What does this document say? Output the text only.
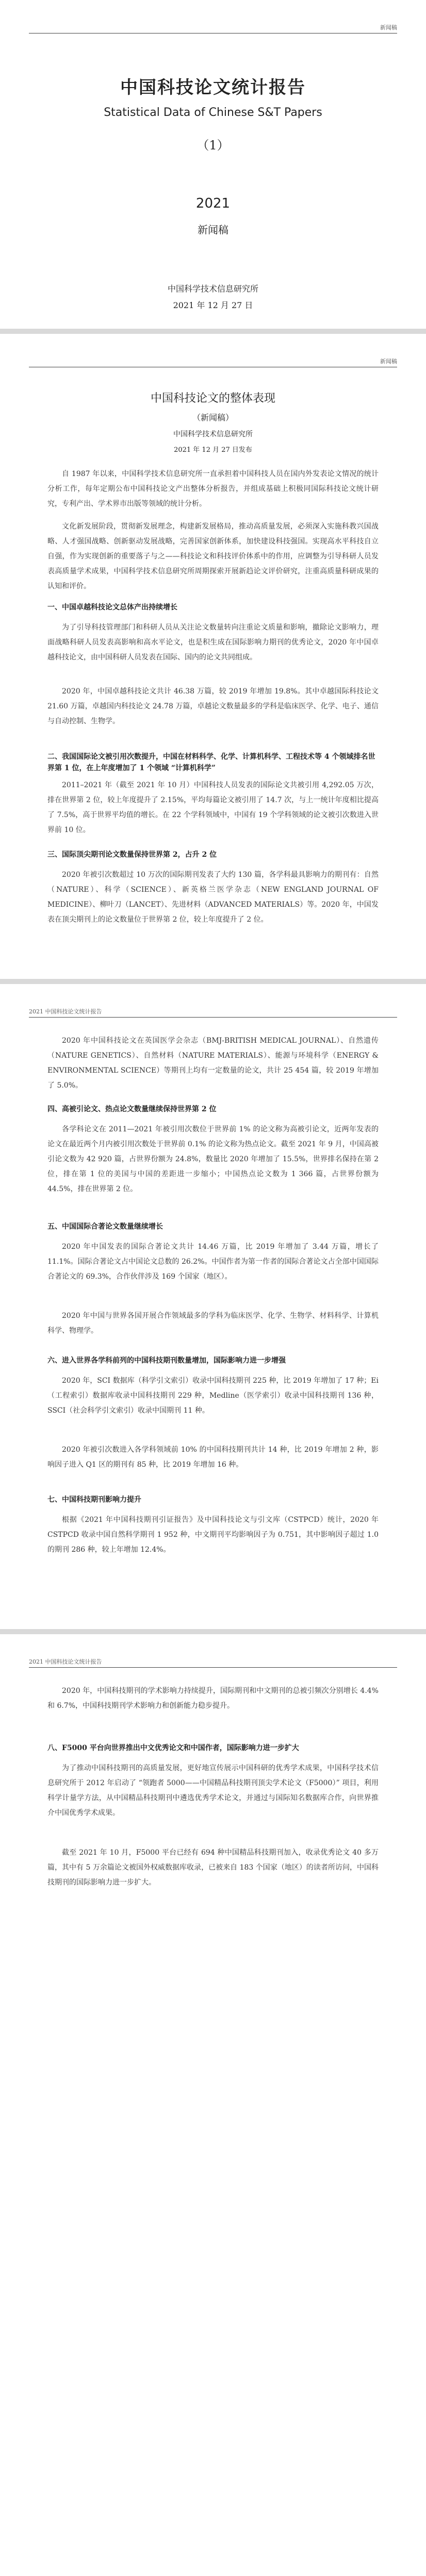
新闻稿
中国科技论文统计报告
Statistical Data of Chinese S&T Papers
（1）
2021
新闻稿
中国科学技术信息研究所
2021 年 12 月 27 日
新闻稿
中国科技论文的整体表现
（新闻稿）
中国科学技术信息研究所
2021 年 12 月 27 日发布
自 1987 年以来，中国科学技术信息研究所一直承担着中国科技人员在国内外发表论文情况的统计分析工作，每年定期公布中国科技论文产出整体分析报告，并组成基础上积极同国际科技论文统计研究，专利产出、学术界市出版等领域的统计分析。
文化新发展阶段，贯彻新发展理念，构建新发展格局，推动高质量发展，必须深入实施科教兴国战略、人才强国战略、创新驱动发展战略，完善国家创新体系，加快建设科技强国。实现高水平科技自立自强，作为实现创新的重要落子与之——科技论文和科技评价体系中的作用，应调整为引导科研人员发表高质量学术成果，中国科学技术信息研究所周期探索开展新趋论文评价研究，注重高质量科研成果的认知和评价。
一、中国卓越科技论文总体产出持续增长
为了引导科技管理部门和科研人员从关注论文数量转向注重论文质量和影响，撤除论文影响力，理面战略科研人员发表高影响和高水平论文，也是积生成在国际影响力期刊的优秀论文，2020 年中国卓越科技论文，由中国科研人员发表在国际、国内的论文共同组成。
2020 年，中国卓越科技论文共计 46.38 万篇，较 2019 年增加 19.8%。其中卓越国际科技论文 21.60 万篇，卓越国内科技论文 24.78 万篇，卓越论文数量最多的学科是临床医学、化学、电子、通信与自动控制、生物学。
二、我国国际论文被引用次数提升，中国在材料科学、化学、计算机科学、工程技术等 4 个领域排名世界第 1 位，在上年度增加了 1 个领域 “计算机科学”
2011–2021 年（截至 2021 年 10 月）中国科技人员发表的国际论文共被引用 4,292.05 万次，排在世界第 2 位，较上年度提升了 2.15%，平均每篇论文被引用了 14.7 次，与上一统计年度相比提高了 7.5%，高于世界平均值的增长。在 22 个学科领域中，中国有 19 个学科领域的论文被引次数进入世界前 10 位。
三、国际顶尖期刊论文数量保持世界第 2，占升 2 位
2020 年被引次数超过 10 万次的国际期刊发表了大约 130 篇，各学科最具影响力的期刊有：自然（NATURE）、科学（SCIENCE）、新英格兰医学杂志（NEW ENGLAND JOURNAL OF MEDICINE）、柳叶刀（LANCET）、先进材料（ADVANCED MATERIALS）等。2020 年，中国发表在顶尖期刊上的论文数量位于世界第 2 位，较上年度提升了 2 位。
2021 中国科技论文统计报告
2020 年中国科技论文在英国医学会杂志（BMJ-BRITISH MEDICAL JOURNAL）、自然遗传（NATURE GENETICS）、自然材料（NATURE MATERIALS）、能源与环境科学（ENERGY & ENVIRONMENTAL SCIENCE）等期刊上均有一定数量的论文，共计 25 454 篇，较 2019 年增加了 5.0%。
四、高被引论文、热点论文数量继续保持世界第 2 位
各学科论文在 2011—2021 年被引用次数位于世界前 1% 的论文称为高被引论文，近两年发表的论文在最近两个月内被引用次数处于世界前 0.1% 的论文称为热点论文。截至 2021 年 9 月，中国高被引论文数为 42 920 篇，占世界份额为 24.8%，数量比 2020 年增加了 15.5%，世界排名保持在第 2 位，排在第 1 位的美国与中国的差距进一步缩小；中国热点论文数为 1 366 篇，占世界份额为 44.5%，排在世界第 2 位。
五、中国国际合著论文数量继续增长
2020 年中国发表的国际合著论文共计 14.46 万篇，比 2019 年增加了 3.44 万篇，增长了 11.1%。国际合著论文占中国论文总数的 26.2%。中国作者为第一作者的国际合著论文占全部中国国际合著论文的 69.3%，合作伙伴涉及 169 个国家（地区）。
2020 年中国与世界各国开展合作领域最多的学科为临床医学、化学、生物学、材料科学、计算机科学、物理学。
六、进入世界各学科前列的中国科技期刊数量增加，国际影响力进一步增强
2020 年，SCI 数据库（科学引文索引）收录中国科技期刊 225 种，比 2019 年增加了 17 种；Ei（工程索引）数据库收录中国科技期刊 229 种，Medline（医学索引）收录中国科技期刊 136 种，SSCI（社会科学引文索引）收录中国期刊 11 种。
2020 年被引次数进入各学科领域前 10% 的中国科技期刊共计 14 种，比 2019 年增加 2 种，影响因子进入 Q1 区的期刊有 85 种，比 2019 年增加 16 种。
七、中国科技期刊影响力提升
根据《2021 年中国科技期刊引证报告》及中国科技论文与引文库（CSTPCD）统计，2020 年 CSTPCD 收录中国自然科学期刊 1 952 种，中文期刊平均影响因子为 0.751，其中影响因子超过 1.0 的期刊 286 种，较上年增加 12.4%。
2021 中国科技论文统计报告
2020 年，中国科技期刊的学术影响力持续提升，国际期刊和中文期刊的总被引频次分别增长 4.4% 和 6.7%，中国科技期刊学术影响力和创新能力稳步提升。
八、F5000 平台向世界推出中文优秀论文和中国作者，国际影响力进一步扩大
为了推动中国科技期刊的高质量发展，更好地宣传展示中国科研的优秀学术成果，中国科学技术信息研究所于 2012 年启动了 “领跑者 5000——中国精品科技期刊顶尖学术论文（F5000）” 项目，利用科学计量学方法，从中国精品科技期刊中遴选优秀学术论文，并通过与国际知名数据库合作，向世界推介中国优秀学术成果。
截至 2021 年 10 月，F5000 平台已经有 694 种中国精品科技期刊加入，收录优秀论文 40 多万篇，其中有 5 万余篇论文被国外权威数据库收录，已被来自 183 个国家（地区）的读者所访问，中国科技期刊的国际影响力进一步扩大。
